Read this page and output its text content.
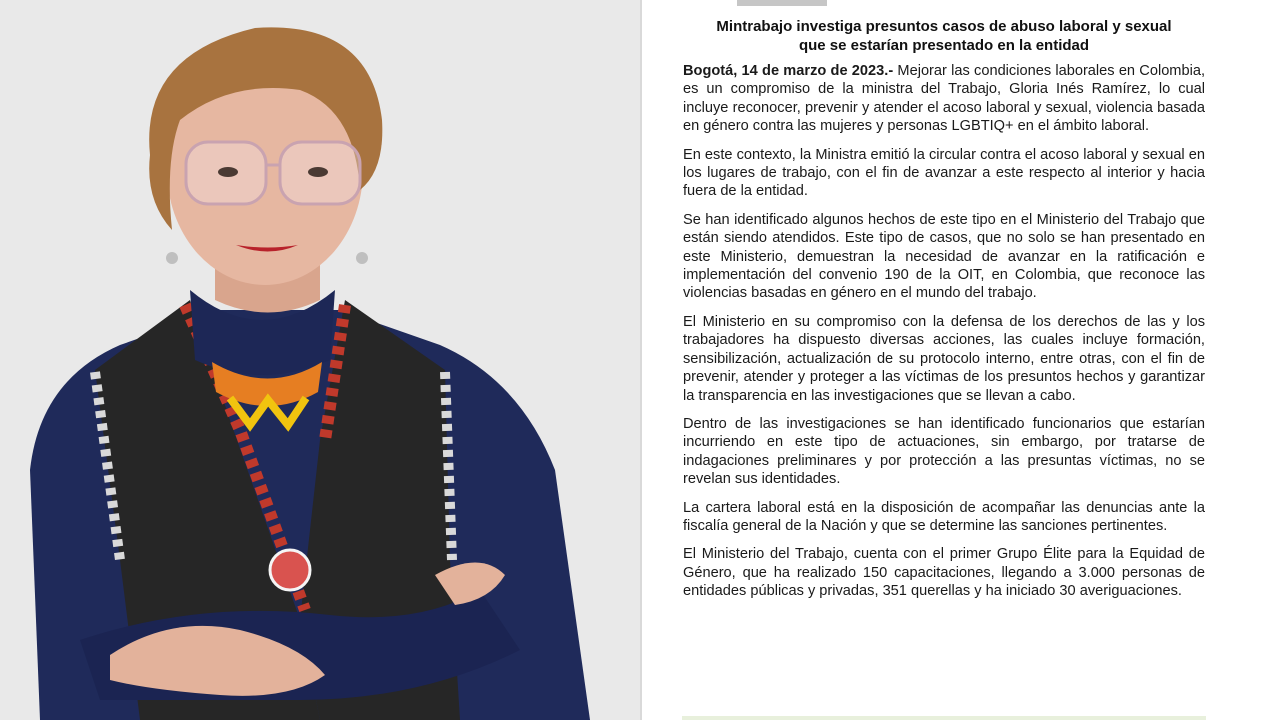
Mintrabajo investiga presuntos casos de abuso laboral y sexual
que se estarían presentado en la entidad

Bogotá, 14 de marzo de 2023.- Mejorar las condiciones laborales en Colombia, es un compromiso de la ministra del Trabajo, Gloria Inés Ramírez, lo cual incluye reconocer, prevenir y atender el acoso laboral y sexual, violencia basada en género contra las mujeres y personas LGBTIQ+ en el ámbito laboral.

En este contexto, la Ministra emitió la circular contra el acoso laboral y sexual en los lugares de trabajo, con el fin de avanzar a este respecto al interior y hacia fuera de la entidad.

Se han identificado algunos hechos de este tipo en el Ministerio del Trabajo que están siendo atendidos. Este tipo de casos, que no solo se han presentado en este Ministerio, demuestran la necesidad de avanzar en la ratificación e implementación del convenio 190 de la OIT, en Colombia, que reconoce las violencias basadas en género en el mundo del trabajo.

El Ministerio en su compromiso con la defensa de los derechos de las y los trabajadores ha dispuesto diversas acciones, las cuales incluye formación, sensibilización, actualización de su protocolo interno, entre otras, con el fin de prevenir, atender y proteger a las víctimas de los presuntos hechos y garantizar la transparencia en las investigaciones que se llevan a cabo.

Dentro de las investigaciones se han identificado funcionarios que estarían incurriendo en este tipo de actuaciones, sin embargo, por tratarse de indagaciones preliminares y por protección a las presuntas víctimas, no se revelan sus identidades.

La cartera laboral está en la disposición de acompañar las denuncias ante la fiscalía general de la Nación y que se determine las sanciones pertinentes.

El Ministerio del Trabajo, cuenta con el primer Grupo Élite para la Equidad de Género, que ha realizado 150 capacitaciones, llegando a 3.000 personas de entidades públicas y privadas, 351 querellas y ha iniciado 30 averiguaciones.
